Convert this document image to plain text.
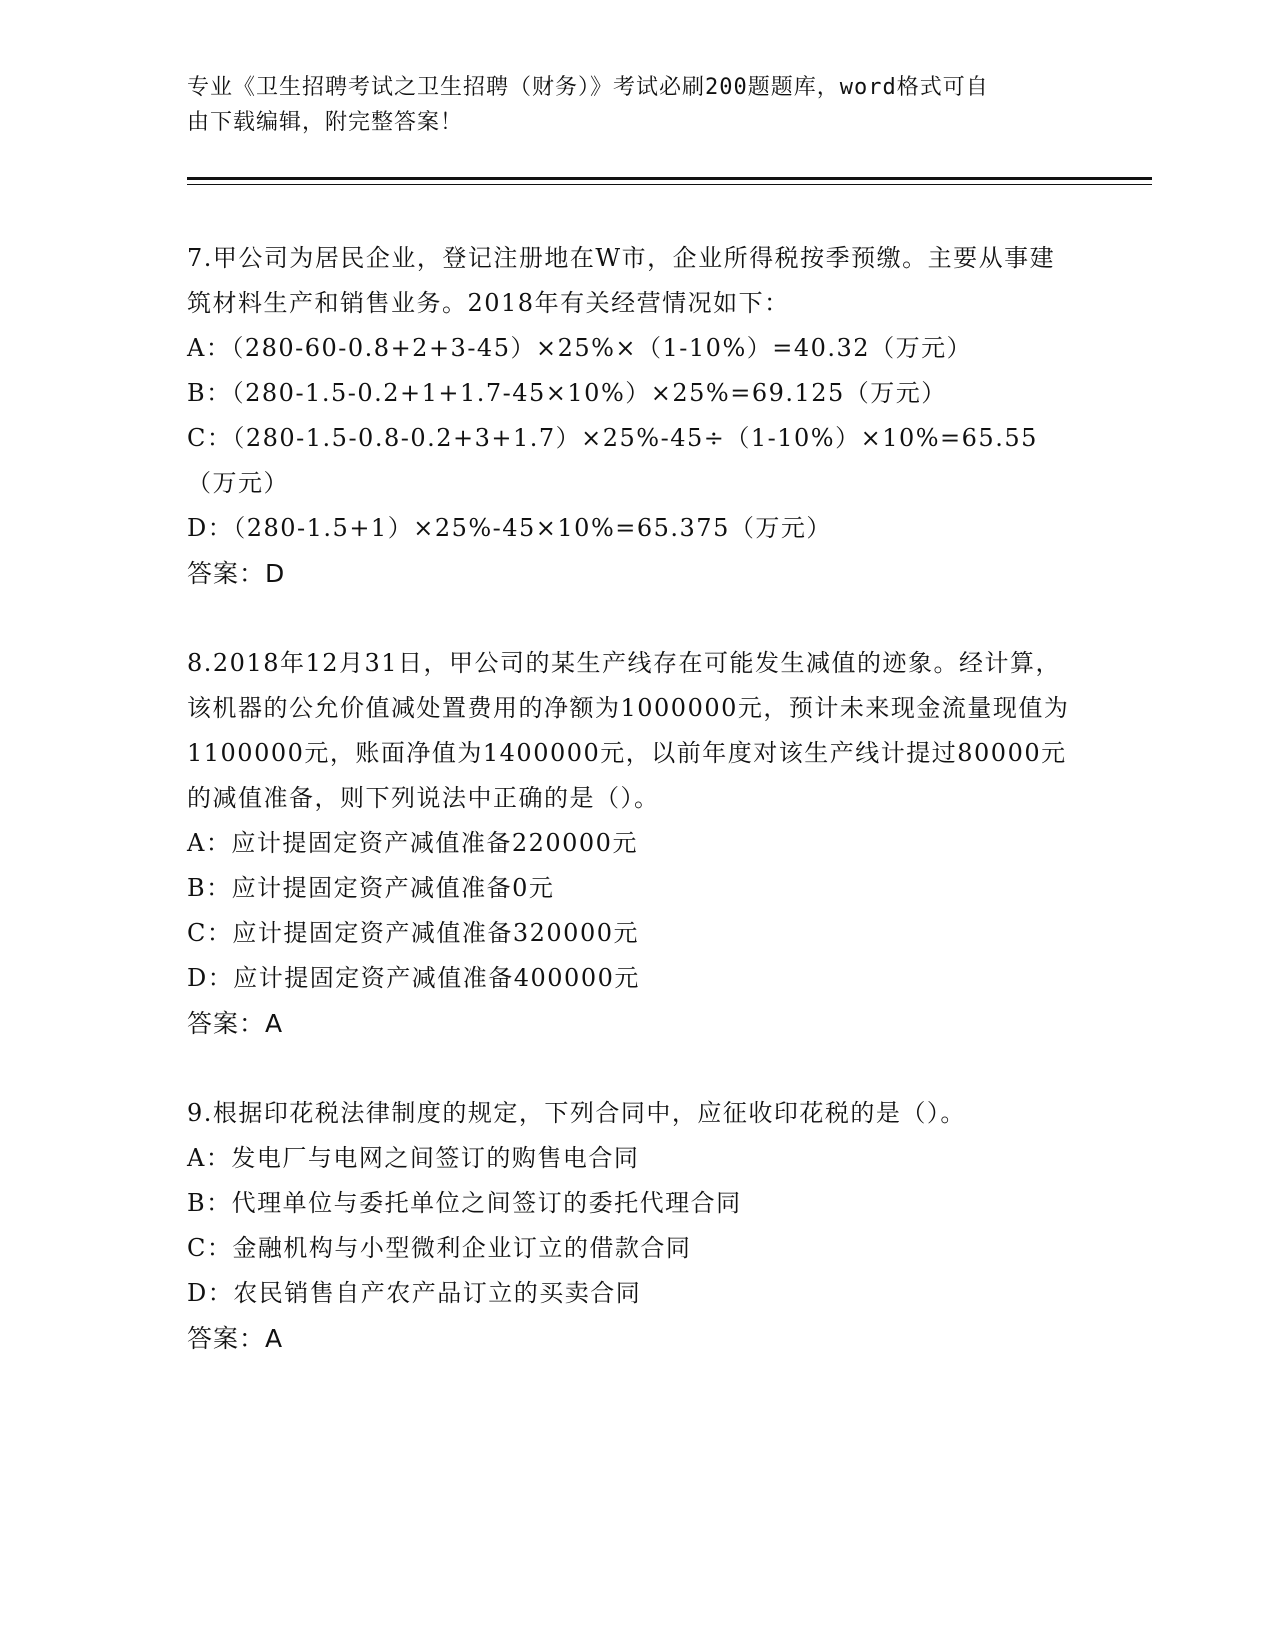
专业《卫生招聘考试之卫生招聘（财务）》考试必刷200题题库，word格式可自
由下载编辑，附完整答案！

7.甲公司为居民企业，登记注册地在W市，企业所得税按季预缴。主要从事建筑材料生产和销售业务。2018年有关经营情况如下：

A：（280-60-0.8+2+3-45）×25%×（1-10%）=40.32（万元）

B：（280-1.5-0.2+1+1.7-45×10%）×25%=69.125（万元）

C：（280-1.5-0.8-0.2+3+1.7）×25%-45÷（1-10%）×10%=65.55（万元）

D：（280-1.5+1）×25%-45×10%=65.375（万元）

答案：D

8.2018年12月31日，甲公司的某生产线存在可能发生减值的迹象。经计算，该机器的公允价值减处置费用的净额为1000000元，预计未来现金流量现值为1100000元，账面净值为1400000元，以前年度对该生产线计提过80000元的减值准备，则下列说法中正确的是（）。

A：应计提固定资产减值准备220000元

B：应计提固定资产减值准备0元

C：应计提固定资产减值准备320000元

D：应计提固定资产减值准备400000元

答案：A

9.根据印花税法律制度的规定，下列合同中，应征收印花税的是（）。

A：发电厂与电网之间签订的购售电合同

B：代理单位与委托单位之间签订的委托代理合同

C：金融机构与小型微利企业订立的借款合同

D：农民销售自产农产品订立的买卖合同

答案：A
